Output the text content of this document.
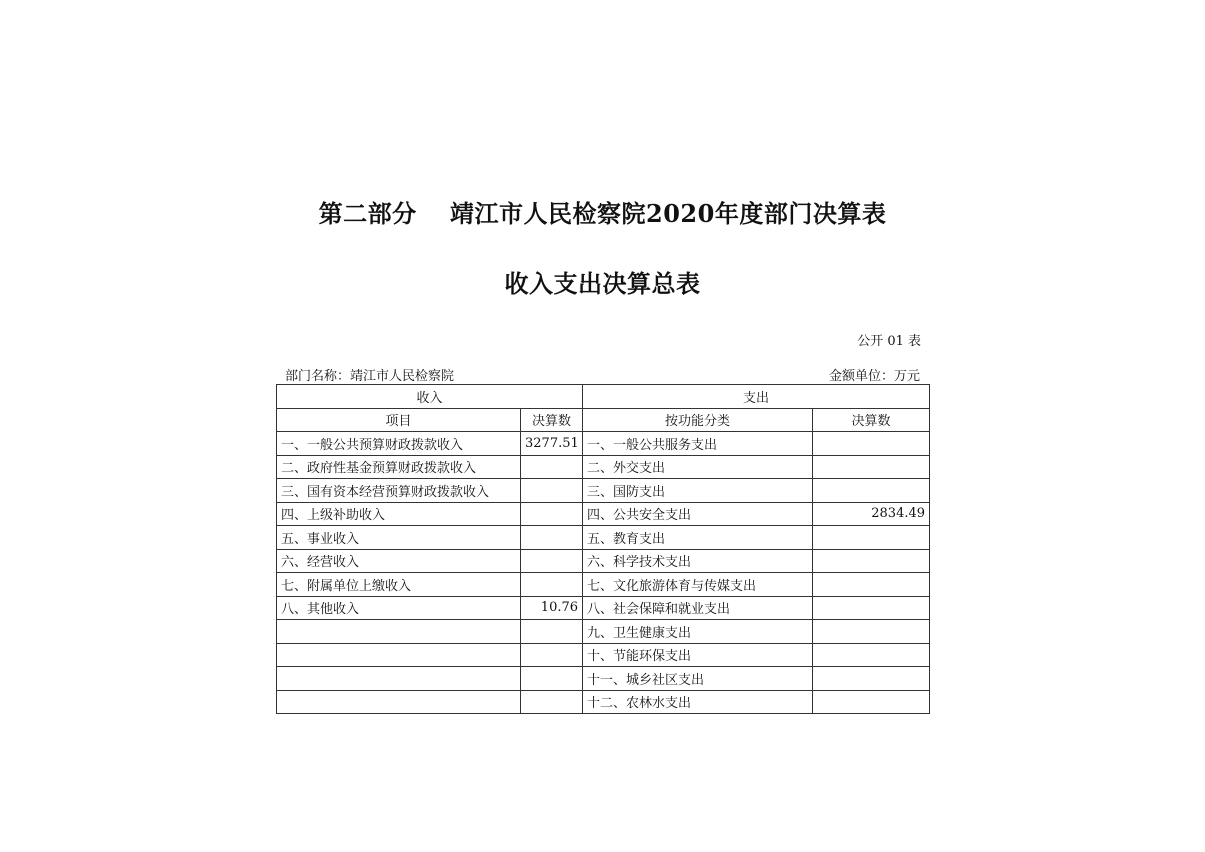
第二部分　 靖江市人民检察院2020年度部门决算表
收入支出决算总表
公开 01 表
部门名称：靖江市人民检察院	金额单位：万元
收入		支出	
项目	决算数	按功能分类	决算数
一、一般公共预算财政拨款收入	3277.51	一、一般公共服务支出	
二、政府性基金预算财政拨款收入		二、外交支出	
三、国有资本经营预算财政拨款收入		三、国防支出	
四、上级补助收入		四、公共安全支出	2834.49
五、事业收入		五、教育支出	
六、经营收入		六、科学技术支出	
七、附属单位上缴收入		七、文化旅游体育与传媒支出	
八、其他收入	10.76	八、社会保障和就业支出	
		九、卫生健康支出	
		十、节能环保支出	
		十一、城乡社区支出	
		十二、农林水支出	
